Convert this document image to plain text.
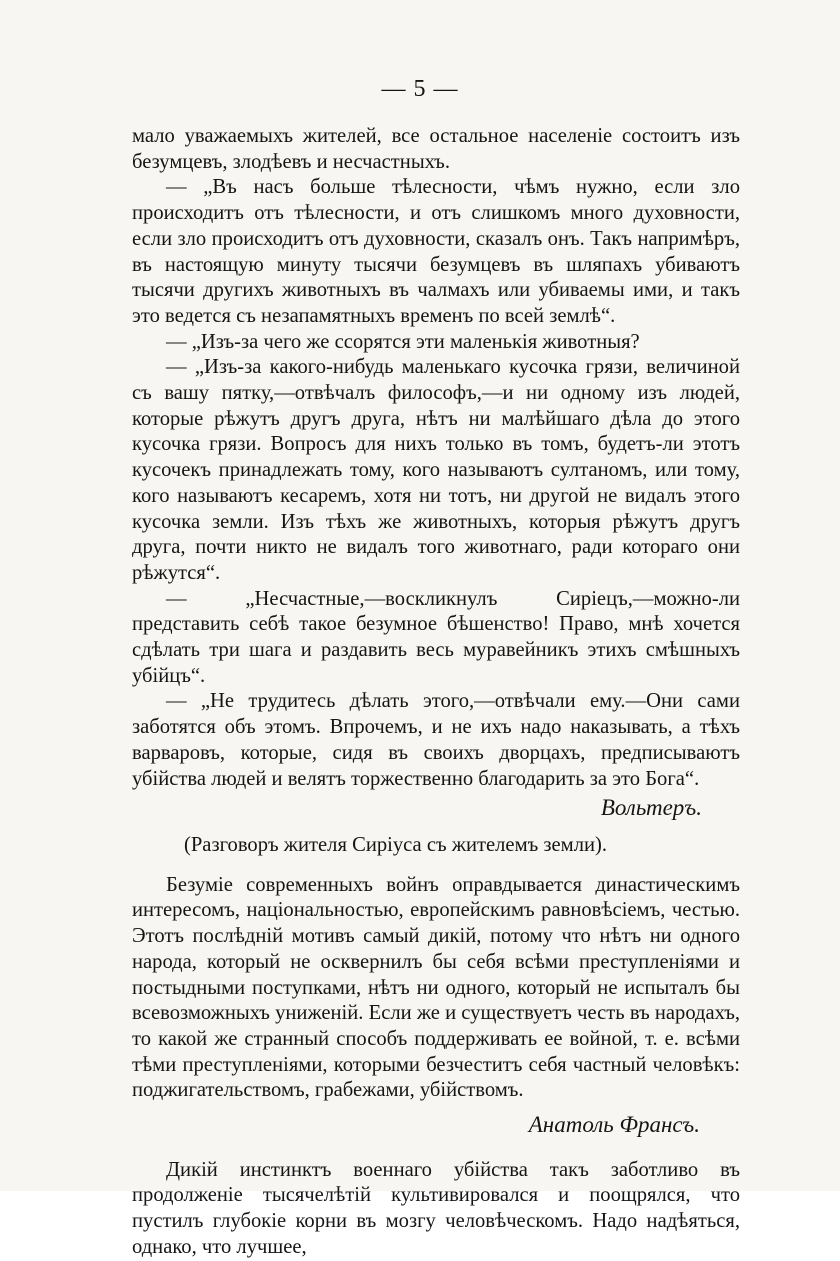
— 5 —

мало уважаемыхъ жителей, все остальное населеніе состоитъ изъ безумцевъ, злодѣевъ и несчастныхъ.

— „Въ насъ больше тѣлесности, чѣмъ нужно, если зло происходитъ отъ тѣлесности, и отъ слишкомъ много духовности, если зло происходитъ отъ духовности, сказалъ онъ. Такъ напримѣръ, въ настоящую минуту тысячи безумцевъ въ шляпахъ убиваютъ тысячи другихъ животныхъ въ чалмахъ или убиваемы ими, и такъ это ведется съ незапамятныхъ временъ по всей землѣ“.

— „Изъ-за чего же ссорятся эти маленькія животныя?

— „Изъ-за какого-нибудь маленькаго кусочка грязи, величиной съ вашу пятку,—отвѣчалъ философъ,—и ни одному изъ людей, которые рѣжутъ другъ друга, нѣтъ ни малѣйшаго дѣла до этого кусочка грязи. Вопросъ для нихъ только въ томъ, будетъ-ли этотъ кусочекъ принадлежать тому, кого называютъ султаномъ, или тому, кого называютъ кесаремъ, хотя ни тотъ, ни другой не видалъ этого кусочка земли. Изъ тѣхъ же животныхъ, которыя рѣжутъ другъ друга, почти никто не видалъ того животнаго, ради котораго они рѣжутся“.

— „Несчастные,—воскликнулъ Сиріецъ,—можно-ли представить себѣ такое безумное бѣшенство! Право, мнѣ хочется сдѣлать три шага и раздавить весь муравейникъ этихъ смѣшныхъ убійцъ“.

— „Не трудитесь дѣлать этого,—отвѣчали ему.—Они сами заботятся объ этомъ. Впрочемъ, и не ихъ надо наказывать, а тѣхъ варваровъ, которые, сидя въ своихъ дворцахъ, предписываютъ убійства людей и велятъ торжественно благодарить за это Бога“.

Вольтеръ.

(Разговоръ жителя Сиріуса съ жителемъ земли).

Безуміе современныхъ войнъ оправдывается династическимъ интересомъ, національностью, европейскимъ равновѣсіемъ, честью. Этотъ послѣдній мотивъ самый дикій, потому что нѣтъ ни одного народа, который не осквернилъ бы себя всѣми преступленіями и постыдными поступками, нѣтъ ни одного, который не испыталъ бы всевозможныхъ униженій. Если же и существуетъ честь въ народахъ, то какой же странный способъ поддерживать ее войной, т. е. всѣми тѣми преступленіями, которыми безчеститъ себя частный человѣкъ: поджигательствомъ, грабежами, убійствомъ.

Анатоль Франсъ.

Дикій инстинктъ военнаго убійства такъ заботливо въ продолженіе тысячелѣтій культивировался и поощрялся, что пустилъ глубокіе корни въ мозгу человѣческомъ. Надо надѣяться, однако, что лучшее,
